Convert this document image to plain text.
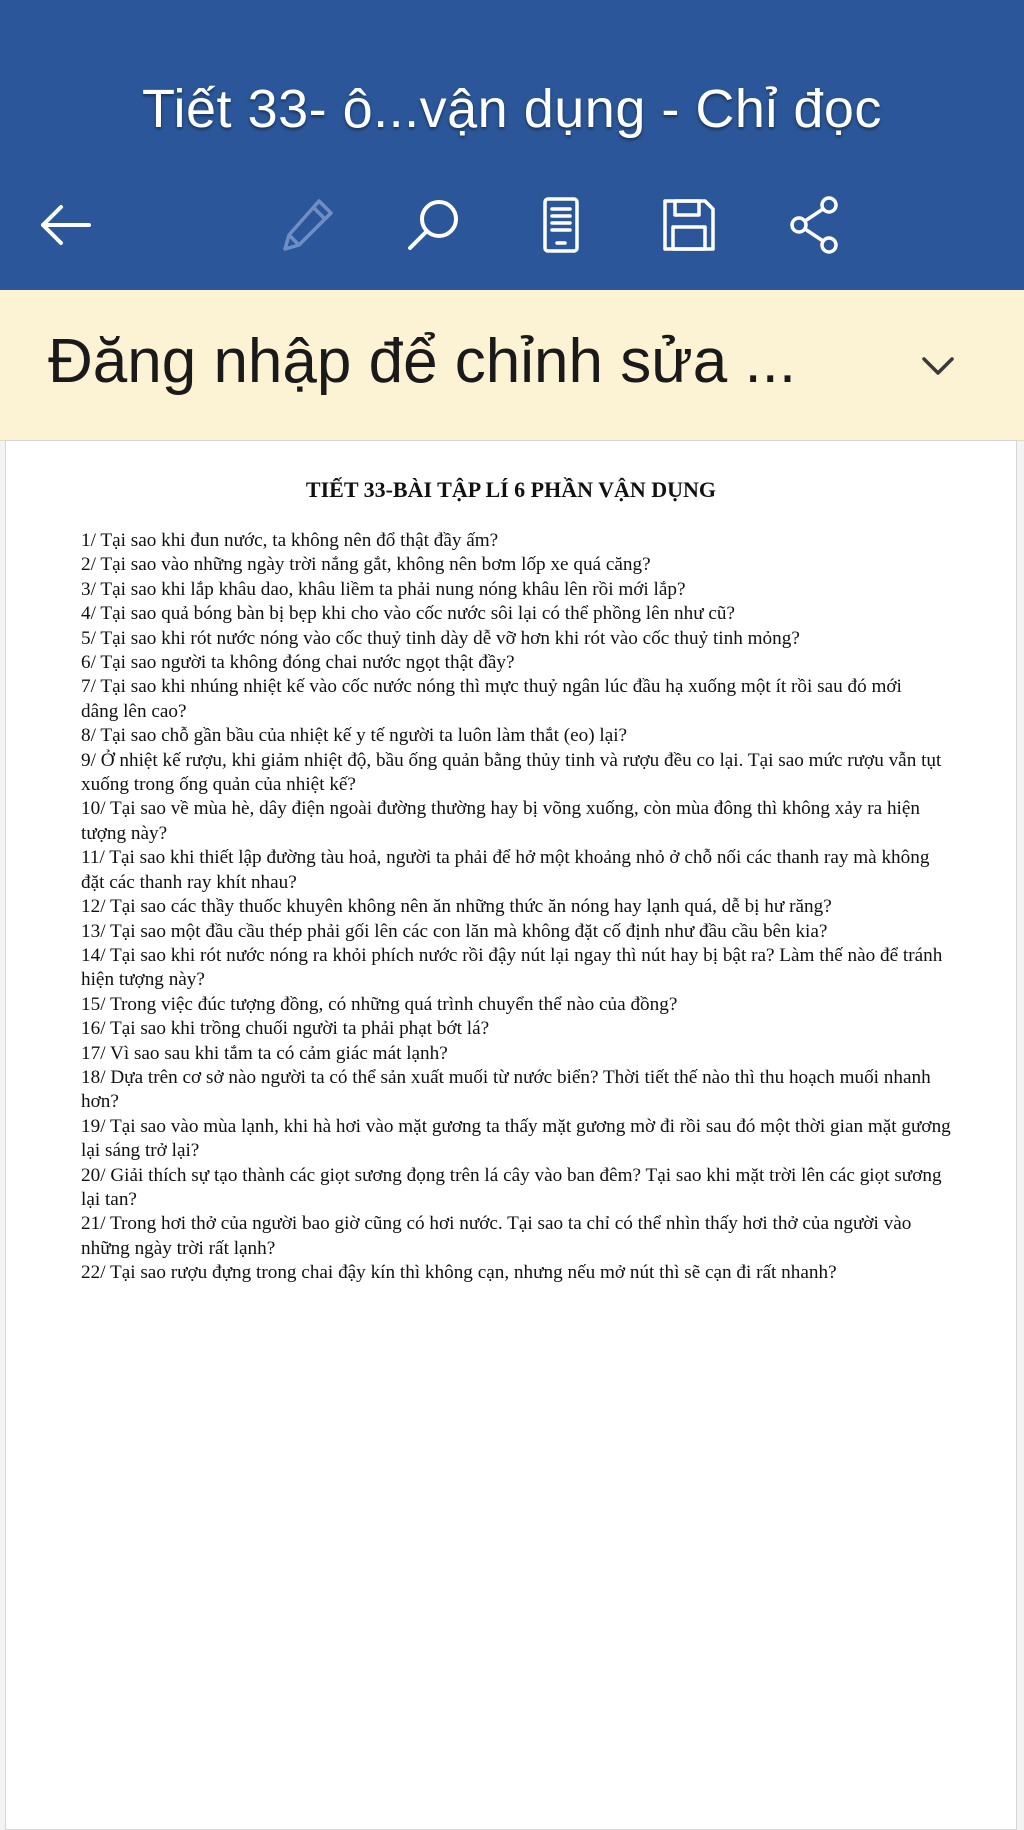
Tiết 33- ô...vận dụng - Chỉ đọc
Đăng nhập để chỉnh sửa ...
TIẾT 33-BÀI TẬP LÍ 6 PHẦN VẬN DỤNG

1/ Tại sao khi đun nước, ta không nên đổ thật đầy ấm?

2/ Tại sao vào những ngày trời nắng gắt, không nên bơm lốp xe quá căng?

3/ Tại sao khi lắp khâu dao, khâu liềm ta phải nung nóng khâu lên rồi mới lắp?

4/ Tại sao quả bóng bàn bị bẹp khi cho vào cốc nước sôi lại có thể phồng lên như cũ?

5/ Tại sao khi rót nước nóng vào cốc thuỷ tinh dày dễ vỡ hơn khi rót vào cốc thuỷ tinh mỏng?

6/ Tại sao người ta không đóng chai nước ngọt thật đầy?

7/ Tại sao khi nhúng nhiệt kế vào cốc nước nóng thì mực thuỷ ngân lúc đầu hạ xuống một ít rồi sau đó mới

dâng lên cao?

8/ Tại sao chỗ gần bầu của nhiệt kế y tế người ta luôn làm thắt (eo) lại?

9/ Ở nhiệt kế rượu, khi giảm nhiệt độ, bầu ống quản bằng thủy tinh và rượu đều co lại. Tại sao mức rượu vẫn tụt xuống trong ống quản của nhiệt kế?

10/ Tại sao về mùa hè, dây điện ngoài đường thường hay bị võng xuống, còn mùa đông thì không xảy ra hiện tượng này?

11/ Tại sao khi thiết lập đường tàu hoả, người ta phải để hở một khoảng nhỏ ở chỗ nối các thanh ray mà không đặt các thanh ray khít nhau?

12/ Tại sao các thầy thuốc khuyên không nên ăn những thức ăn nóng hay lạnh quá, dễ bị hư răng?

13/ Tại sao một đầu cầu thép phải gối lên các con lăn mà không đặt cố định như đầu cầu bên kia?

14/ Tại sao khi rót nước nóng ra khỏi phích nước rồi đậy nút lại ngay thì nút hay bị bật ra? Làm thế nào để tránh hiện tượng này?

15/ Trong việc đúc tượng đồng, có những quá trình chuyển thể nào của đồng?

16/ Tại sao khi trồng chuối người ta phải phạt bớt lá?

17/ Vì sao sau khi tắm ta có cảm giác mát lạnh?

18/ Dựa trên cơ sở nào người ta có thể sản xuất muối từ nước biển? Thời tiết thế nào thì thu hoạch muối nhanh hơn?

19/ Tại sao vào mùa lạnh, khi hà hơi vào mặt gương ta thấy mặt gương mờ đi rồi sau đó một thời gian mặt gương lại sáng trở lại?

20/ Giải thích sự tạo thành các giọt sương đọng trên lá cây vào ban đêm? Tại sao khi mặt trời lên các giọt sương lại tan?

21/ Trong hơi thở của người bao giờ cũng có hơi nước. Tại sao ta chỉ có thể nhìn thấy hơi thở của người vào những ngày trời rất lạnh?

22/ Tại sao rượu đựng trong chai đậy kín thì không cạn, nhưng nếu mở nút thì sẽ cạn đi rất nhanh?
